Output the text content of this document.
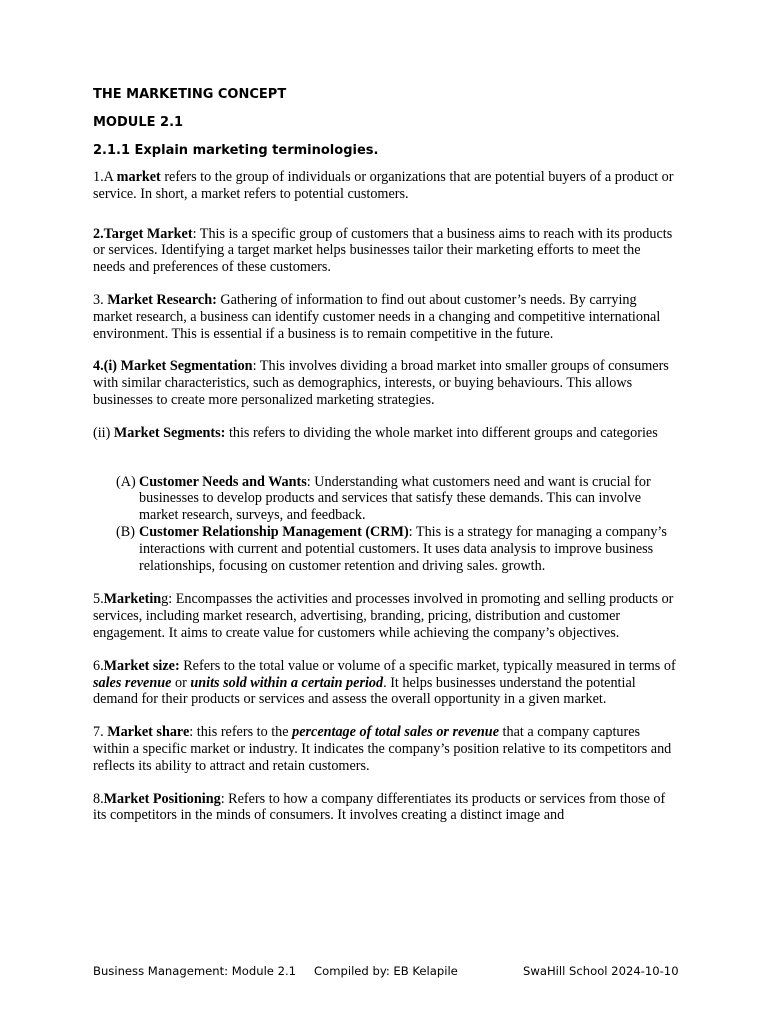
THE MARKETING CONCEPT
MODULE 2.1
2.1.1 Explain marketing terminologies.

1.A market refers to the group of individuals or organizations that are potential buyers of a product or service. In short, a market refers to potential customers.

2.Target Market: This is a specific group of customers that a business aims to reach with its products or services. Identifying a target market helps businesses tailor their marketing efforts to meet the needs and preferences of these customers.

3. Market Research: Gathering of information to find out about customer’s needs. By carrying market research, a business can identify customer needs in a changing and competitive international environment. This is essential if a business is to remain competitive in the future.

4.(i) Market Segmentation: This involves dividing a broad market into smaller groups of consumers with similar characteristics, such as demographics, interests, or buying behaviours. This allows businesses to create more personalized marketing strategies.

(ii) Market Segments: this refers to dividing the whole market into different groups and categories

(A) Customer Needs and Wants: Understanding what customers need and want is crucial for businesses to develop products and services that satisfy these demands. This can involve market research, surveys, and feedback.
(B) Customer Relationship Management (CRM): This is a strategy for managing a company’s interactions with current and potential customers. It uses data analysis to improve business relationships, focusing on customer retention and driving sales. growth.

5.Marketing: Encompasses the activities and processes involved in promoting and selling products or services, including market research, advertising, branding, pricing, distribution and customer engagement. It aims to create value for customers while achieving the company’s objectives.

6.Market size: Refers to the total value or volume of a specific market, typically measured in terms of sales revenue or units sold within a certain period. It helps businesses understand the potential demand for their products or services and assess the overall opportunity in a given market.

7. Market share: this refers to the percentage of total sales or revenue that a company captures within a specific market or industry. It indicates the company’s position relative to its competitors and reflects its ability to attract and retain customers.

8.Market Positioning: Refers to how a company differentiates its products or services from those of its competitors in the minds of consumers. It involves creating a distinct image and

Business Management: Module 2.1 Compiled by: EB Kelapile	SwaHill School 2024-10-10
